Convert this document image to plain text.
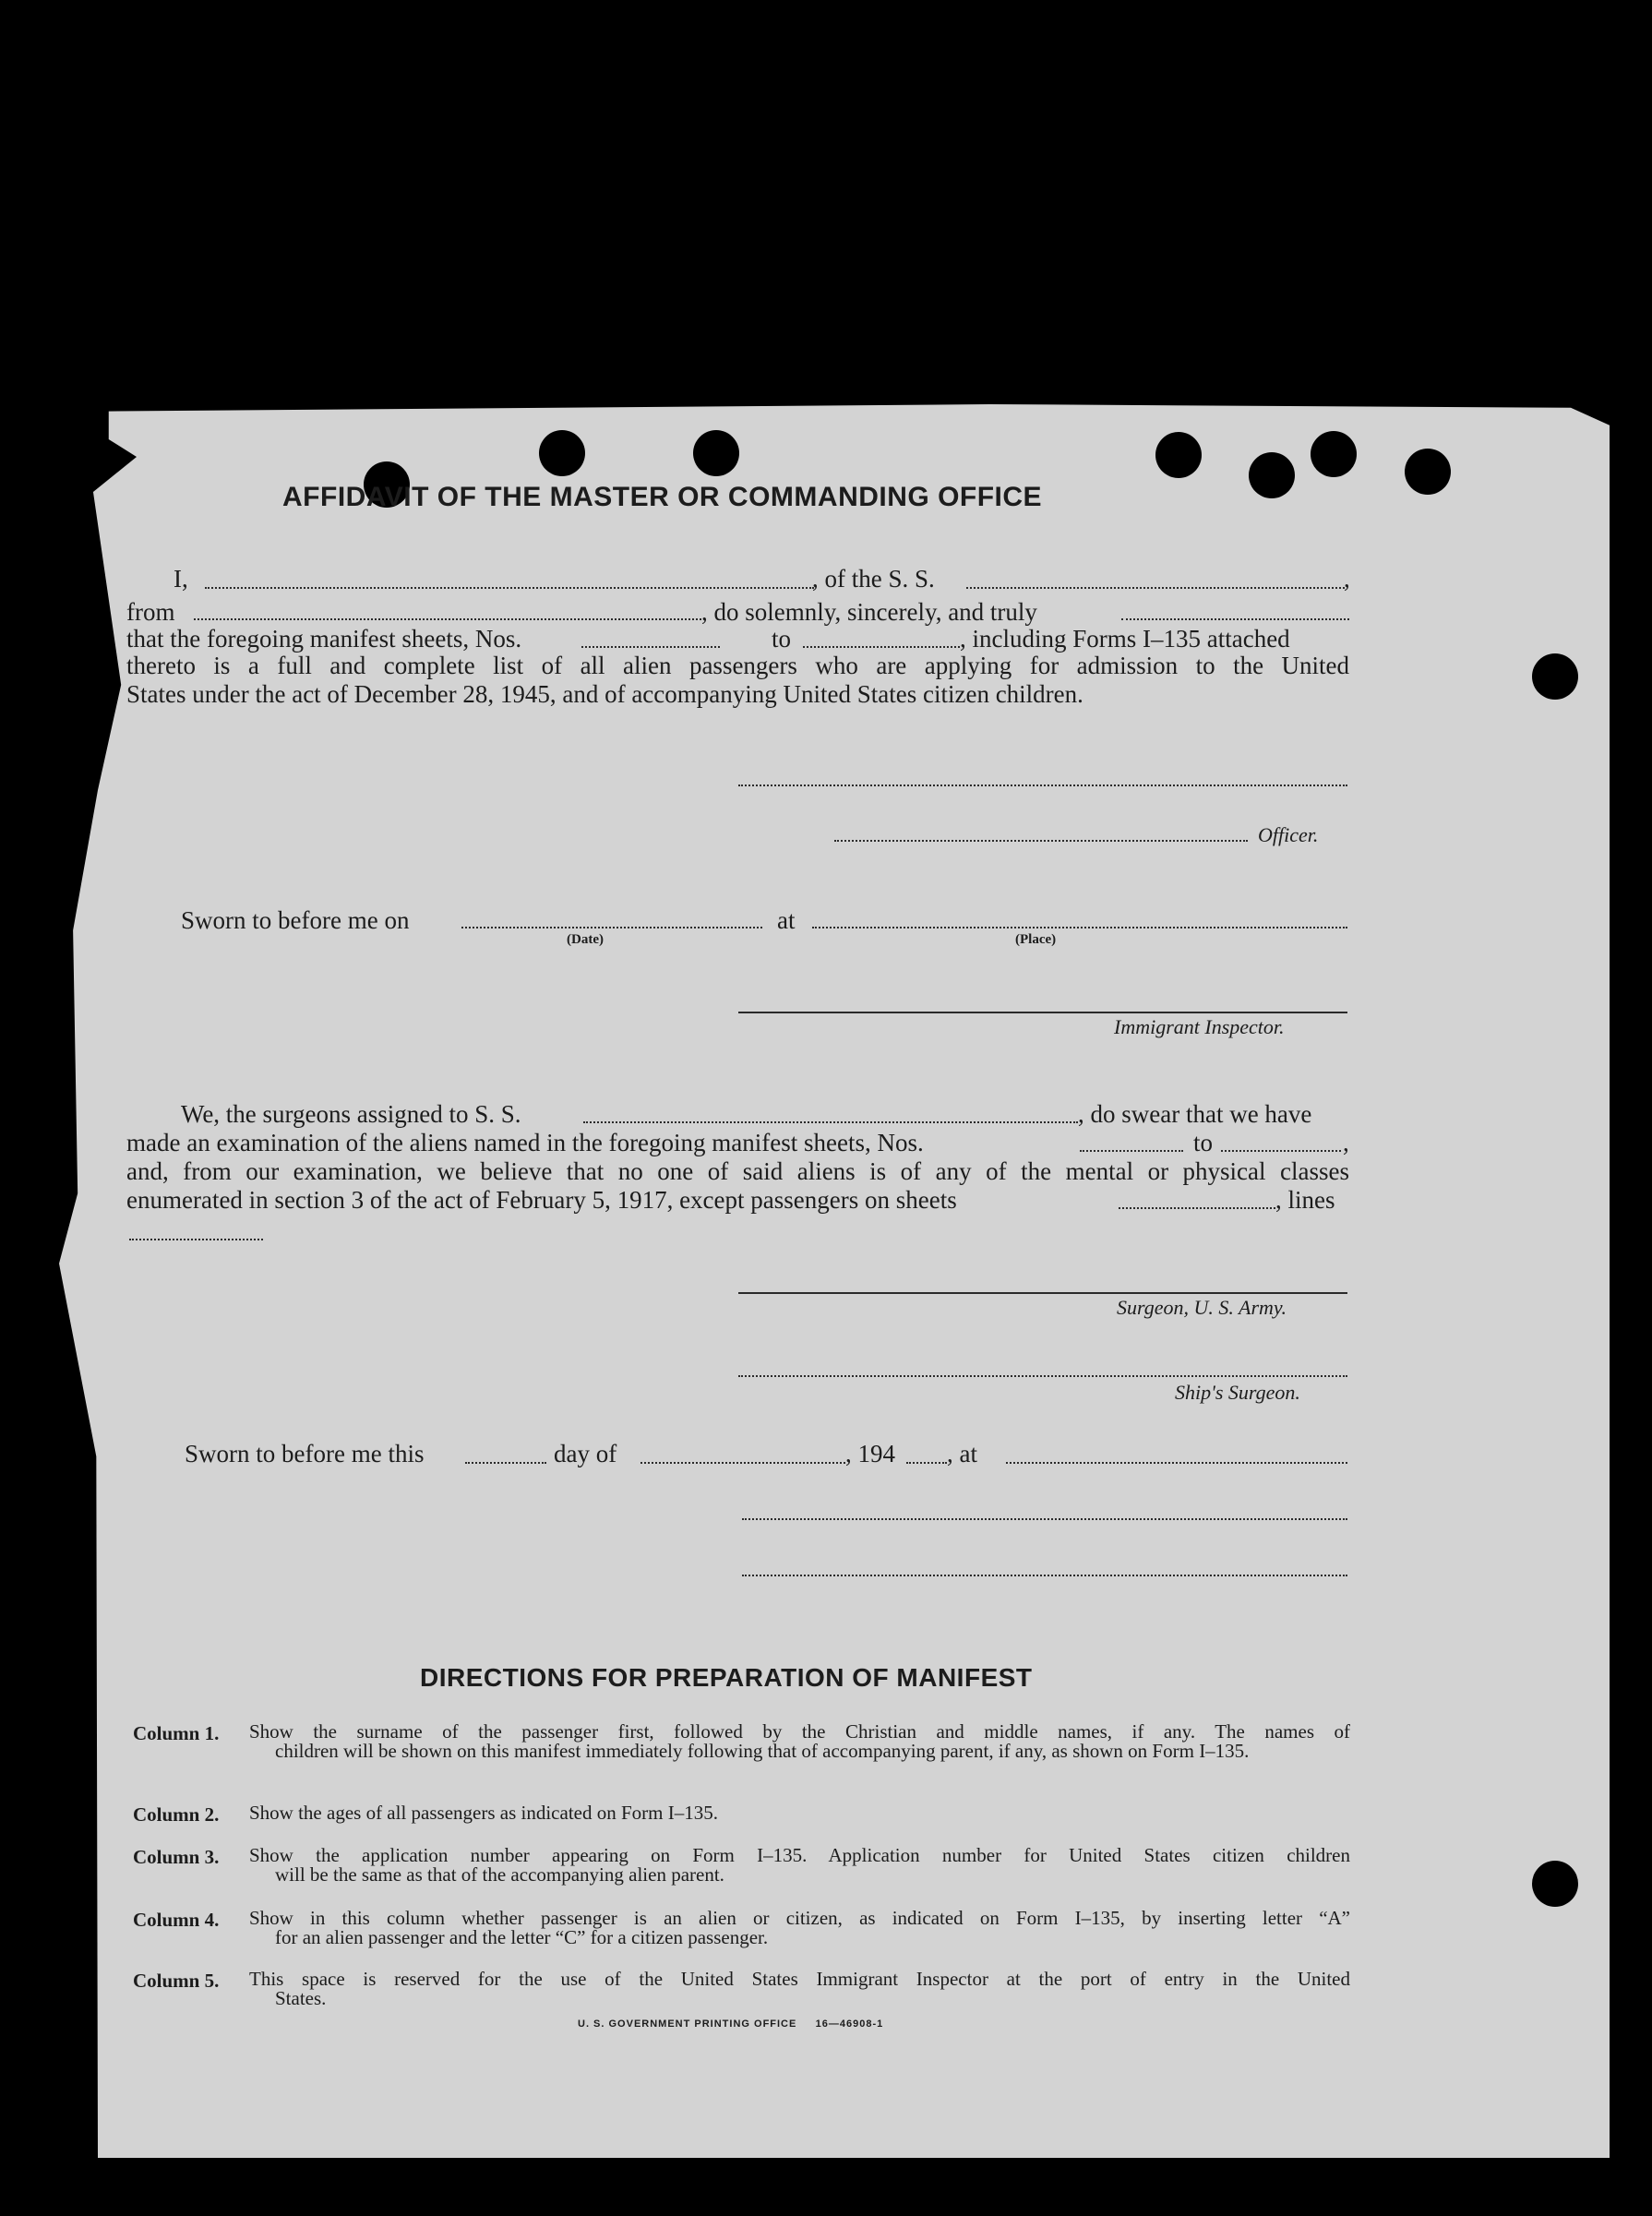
AFFIDAVIT OF THE MASTER OR COMMANDING OFFICE
I,	, of the S. S.	,
from	, do solemnly, sincerely, and truly
that the foregoing manifest sheets, Nos.	to	, including Forms I–135 attached
thereto is a full and complete list of all alien passengers who are applying for admission to the United
States under the act of December 28, 1945, and of accompanying United States citizen children.
Officer.
Sworn to before me on
(Date)
at
(Place)
Immigrant Inspector.
We, the surgeons assigned to S. S.	, do swear that we have
made an examination of the aliens named in the foregoing manifest sheets, Nos.	to	,
and, from our examination, we believe that no one of said aliens is of any of the mental or physical classes
enumerated in section 3 of the act of February 5, 1917, except passengers on sheets	, lines
Surgeon, U. S. Army.
Ship's Surgeon.
Sworn to before me this	day of	, 194 , at
DIRECTIONS FOR PREPARATION OF MANIFEST
Column 1. Show the surname of the passenger first, followed by the Christian and middle names, if any. The names of
children will be shown on this manifest immediately following that of accompanying parent, if any, as shown on Form I–135.
Column 2. Show the ages of all passengers as indicated on Form I–135.
Column 3. Show the application number appearing on Form I–135. Application number for United States citizen children
will be the same as that of the accompanying alien parent.
Column 4. Show in this column whether passenger is an alien or citizen, as indicated on Form I–135, by inserting letter “A”
for an alien passenger and the letter “C” for a citizen passenger.
Column 5. This space is reserved for the use of the United States Immigrant Inspector at the port of entry in the United
States.
U. S. GOVERNMENT PRINTING OFFICE     16—46908-1
